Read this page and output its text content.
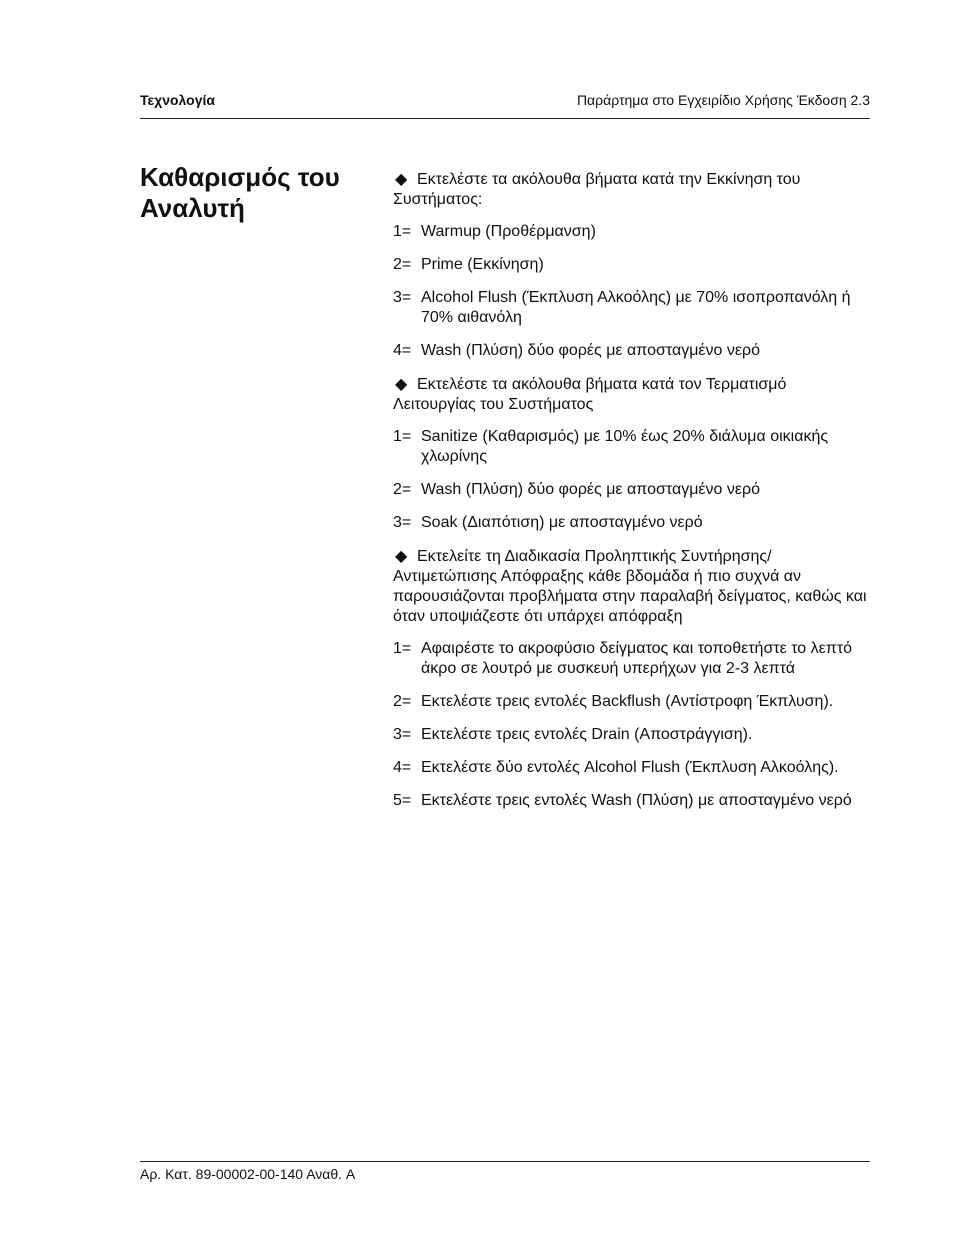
Τεχνολογία	Παράρτημα στο Εγχειρίδιο Χρήσης Έκδοση 2.3
Καθαρισμός του Αναλυτή
◆ Εκτελέστε τα ακόλουθα βήματα κατά την Εκκίνηση του Συστήματος:
1= Warmup (Προθέρμανση)
2= Prime (Εκκίνηση)
3= Alcohol Flush (Έκπλυση Αλκοόλης) με 70% ισοπροπανόλη ή 70% αιθανόλη
4= Wash (Πλύση) δύο φορές με αποσταγμένο νερό
◆ Εκτελέστε τα ακόλουθα βήματα κατά τον Τερματισμό Λειτουργίας του Συστήματος
1= Sanitize (Καθαρισμός) με 10% έως 20% διάλυμα οικιακής χλωρίνης
2= Wash (Πλύση) δύο φορές με αποσταγμένο νερό
3= Soak (Διαπότιση) με αποσταγμένο νερό
◆ Εκτελείτε τη Διαδικασία Προληπτικής Συντήρησης/ Αντιμετώπισης Απόφραξης κάθε βδομάδα ή πιο συχνά αν παρουσιάζονται προβλήματα στην παραλαβή δείγματος, καθώς και όταν υποψιάζεστε ότι υπάρχει απόφραξη
1= Αφαιρέστε το ακροφύσιο δείγματος και τοποθετήστε το λεπτό άκρο σε λουτρό με συσκευή υπερήχων για 2-3 λεπτά
2= Εκτελέστε τρεις εντολές Backflush (Αντίστροφη Έκπλυση).
3= Εκτελέστε τρεις εντολές Drain (Αποστράγγιση).
4= Εκτελέστε δύο εντολές Alcohol Flush (Έκπλυση Αλκοόλης).
5= Εκτελέστε τρεις εντολές Wash (Πλύση) με αποσταγμένο νερό
Αρ. Κατ. 89-00002-00-140 Αναθ. A
